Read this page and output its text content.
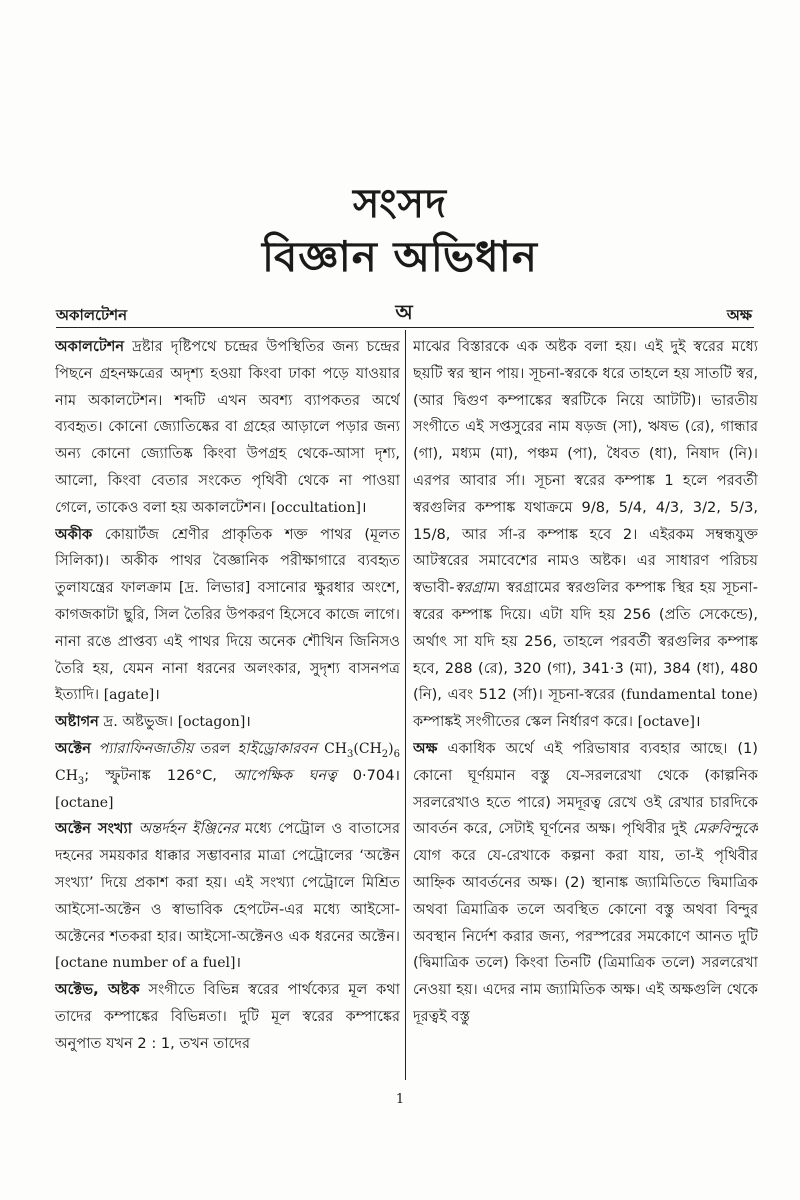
সংসদ
বিজ্ঞান অভিধান
অ
অকালটেশন	অক্ষ

অকালটেশন দ্রষ্টার দৃষ্টিপথে চন্দ্রের উপস্থিতির জন্য চন্দ্রের পিছনে গ্রহনক্ষত্রের অদৃশ্য হওয়া কিংবা ঢাকা পড়ে যাওয়ার নাম অকালটেশন। শব্দটি এখন অবশ্য ব্যাপকতর অর্থে ব্যবহৃত। কোনো জ্যোতিষ্কের বা গ্রহের আড়ালে পড়ার জন্য অন্য কোনো জ্যোতিষ্ক কিংবা উপগ্রহ থেকে-আসা দৃশ্য, আলো, কিংবা বেতার সংকেত পৃথিবী থেকে না পাওয়া গেলে, তাকেও বলা হয় অকালটেশন। [occultation]।

অকীক কোয়ার্টজ শ্রেণীর প্রাকৃতিক শক্ত পাথর (মূলত সিলিকা)। অকীক পাথর বৈজ্ঞানিক পরীক্ষাগারে ব্যবহৃত তুলাযন্ত্রের ফালক্রাম [দ্র. লিভার] বসানোর ক্ষুরধার অংশে, কাগজকাটা ছুরি, সিল তৈরির উপকরণ হিসেবে কাজে লাগে। নানা রঙে প্রাপ্তব্য এই পাথর দিয়ে অনেক শৌখিন জিনিসও তৈরি হয়, যেমন নানা ধরনের অলংকার, সুদৃশ্য বাসনপত্র ইত্যাদি। [agate]।

অষ্টাগন দ্র. অষ্টভুজ। [octagon]।

অক্টেন প্যারাফিনজাতীয় তরল হাইড্রোকারবন $CH_3(CH_2)_6$ $CH_3$; স্ফুটনাঙ্ক 126°C, আপেক্ষিক ঘনত্ব 0·704। [octane]

অক্টেন সংখ্যা অন্তর্দহন ইঞ্জিনের মধ্যে পেট্রোল ও বাতাসের দহনের সময়কার ধাক্কার সম্ভাবনার মাত্রা পেট্রোলের ‘অক্টেন সংখ্যা’ দিয়ে প্রকাশ করা হয়। এই সংখ্যা পেট্রোলে মিশ্রিত আইসো-অক্টেন ও স্বাভাবিক হেপটেন-এর মধ্যে আইসো-অক্টেনের শতকরা হার। আইসো-অক্টেনও এক ধরনের অক্টেন। [octane number of a fuel]।

অক্টেভ, অষ্টক সংগীতে বিভিন্ন স্বরের পার্থক্যের মূল কথা তাদের কম্পাঙ্কের বিভিন্নতা। দুটি মূল স্বরের কম্পাঙ্কের অনুপাত যখন 2 : 1, তখন তাদের

মাঝের বিস্তারকে এক অষ্টক বলা হয়। এই দুই স্বরের মধ্যে ছয়টি স্বর স্থান পায়। সূচনা-স্বরকে ধরে তাহলে হয় সাতটি স্বর, (আর দ্বিগুণ কম্পাঙ্কের স্বরটিকে নিয়ে আটটি)। ভারতীয় সংগীতে এই সপ্তসুরের নাম ষড়জ (সা), ঋষভ (রে), গান্ধার (গা), মধ্যম (মা), পঞ্চম (পা), ধৈবত (ধা), নিষাদ (নি)। এরপর আবার র্সা। সূচনা স্বরের কম্পাঙ্ক 1 হলে পরবর্তী স্বরগুলির কম্পাঙ্ক যথাক্রমে 9/8, 5/4, 4/3, 3/2, 5/3, 15/8, আর র্সা-র কম্পাঙ্ক হবে 2। এইরকম সম্বন্ধযুক্ত আটস্বরের সমাবেশের নামও অষ্টক। এর সাধারণ পরিচয় স্বভাবী-স্বরগ্রাম। স্বরগ্রামের স্বরগুলির কম্পাঙ্ক স্থির হয় সূচনা-স্বরের কম্পাঙ্ক দিয়ে। এটা যদি হয় 256 (প্রতি সেকেন্ডে), অর্থাৎ সা যদি হয় 256, তাহলে পরবর্তী স্বরগুলির কম্পাঙ্ক হবে, 288 (রে), 320 (গা), 341·3 (মা), 384 (ধা), 480 (নি), এবং 512 (র্সা)। সূচনা-স্বরের (fundamental tone) কম্পাঙ্কই সংগীতের স্কেল নির্ধারণ করে। [octave]।

অক্ষ একাধিক অর্থে এই পরিভাষার ব্যবহার আছে। (1) কোনো ঘূর্ণয়মান বস্তু যে-সরলরেখা থেকে (কাল্পনিক সরলরেখাও হতে পারে) সমদূরত্ব রেখে ওই রেখার চারদিকে আবর্তন করে, সেটাই ঘূর্ণনের অক্ষ। পৃথিবীর দুই মেরুবিন্দুকে যোগ করে যে-রেখাকে কল্পনা করা যায়, তা-ই পৃথিবীর আহ্নিক আবর্তনের অক্ষ। (2) স্থানাঙ্ক জ্যামিতিতে দ্বিমাত্রিক অথবা ত্রিমাত্রিক তলে অবস্থিত কোনো বস্তু অথবা বিন্দুর অবস্থান নির্দেশ করার জন্য, পরস্পরের সমকোণে আনত দুটি (দ্বিমাত্রিক তলে) কিংবা তিনটি (ত্রিমাত্রিক তলে) সরলরেখা নেওয়া হয়। এদের নাম জ্যামিতিক অক্ষ। এই অক্ষগুলি থেকে দূরত্বই বস্তু

1
